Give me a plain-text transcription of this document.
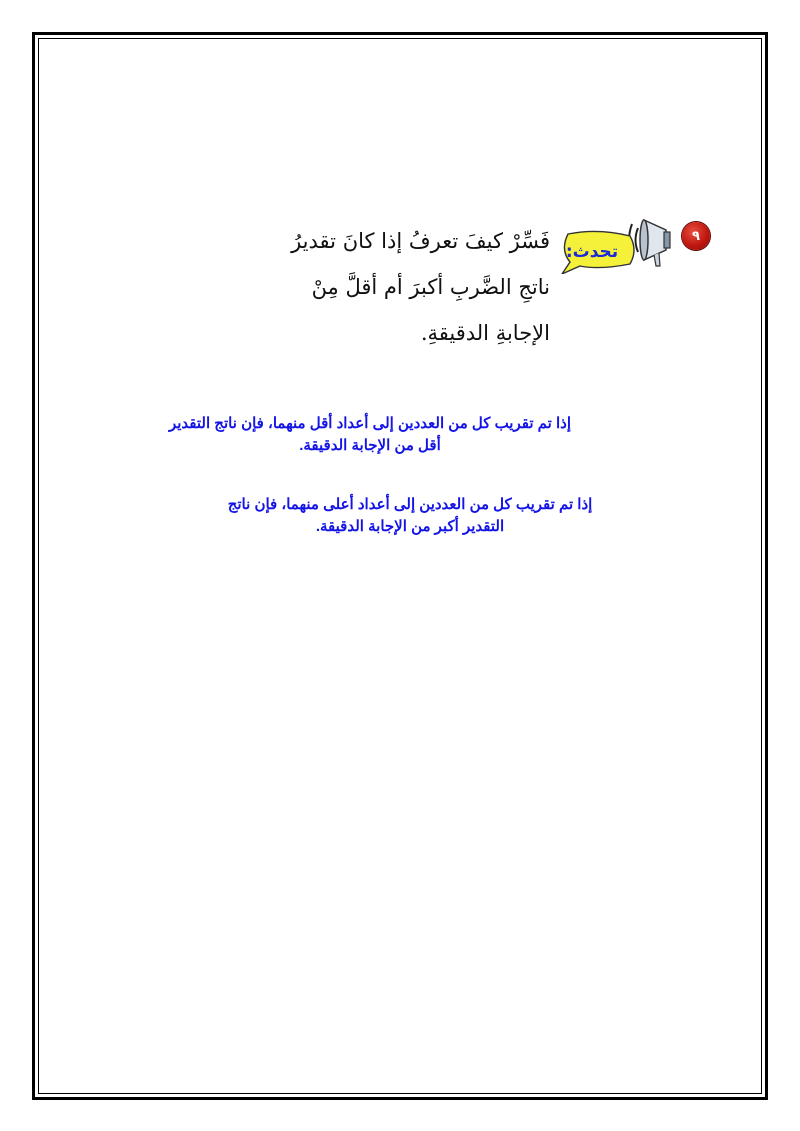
٩
تحدث:
فَسِّرْ كيفَ تعرفُ إذا كانَ تقديرُ
ناتجِ الضَّربِ أكبرَ أم أقلَّ مِنْ
الإجابةِ الدقيقةِ.
إذا تم تقريب كل من العددين إلى أعداد أقل منهما، فإن ناتج التقدير
أقل من الإجابة الدقيقة.
إذا تم تقريب كل من العددين إلى أعداد أعلى منهما، فإن ناتج
التقدير أكبر من الإجابة الدقيقة.
